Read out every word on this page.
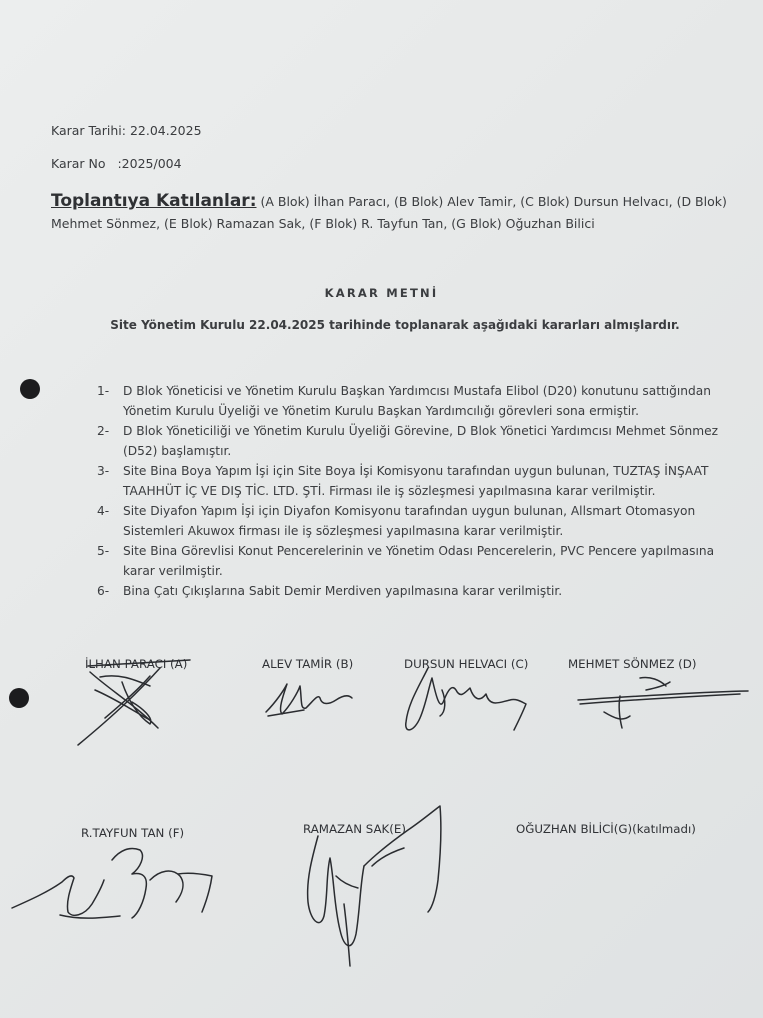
Karar Tarihi: 22.04.2025
Karar No   :2025/004
Toplantıya Katılanlar: (A Blok) İlhan Paracı, (B Blok) Alev Tamir, (C Blok) Dursun Helvacı, (D Blok) Mehmet Sönmez, (E Blok) Ramazan Sak, (F Blok) R. Tayfun Tan, (G Blok) Oğuzhan Bilici
KARAR METNİ
Site Yönetim Kurulu 22.04.2025 tarihinde toplanarak aşağıdaki kararları almışlardır.
1-	D Blok Yöneticisi ve Yönetim Kurulu Başkan Yardımcısı Mustafa Elibol (D20) konutunu sattığından Yönetim Kurulu Üyeliği ve Yönetim Kurulu Başkan Yardımcılığı görevleri sona ermiştir.
2-	D Blok Yöneticiliği ve Yönetim Kurulu Üyeliği Görevine, D Blok Yönetici Yardımcısı Mehmet Sönmez (D52) başlamıştır.
3-	Site Bina Boya Yapım İşi için Site Boya İşi Komisyonu tarafından uygun bulunan, TUZTAŞ İNŞAAT TAAHHÜT İÇ VE DIŞ TİC. LTD. ŞTİ. Firması ile iş sözleşmesi yapılmasına karar verilmiştir.
4-	Site Diyafon Yapım İşi için Diyafon Komisyonu tarafından uygun bulunan, Allsmart Otomasyon Sistemleri Akuwox firması ile iş sözleşmesi yapılmasına karar verilmiştir.
5-	Site Bina Görevlisi Konut Pencerelerinin ve Yönetim Odası Pencerelerin, PVC Pencere yapılmasına karar verilmiştir.
6-	Bina Çatı Çıkışlarına Sabit Demir Merdiven yapılmasına karar verilmiştir.
İLHAN PARACI (A)	ALEV TAMİR (B)	DURSUN HELVACI (C)	MEHMET SÖNMEZ (D)
R.TAYFUN TAN (F)	RAMAZAN SAK(E)	OĞUZHAN BİLİCİ(G)(katılmadı)
